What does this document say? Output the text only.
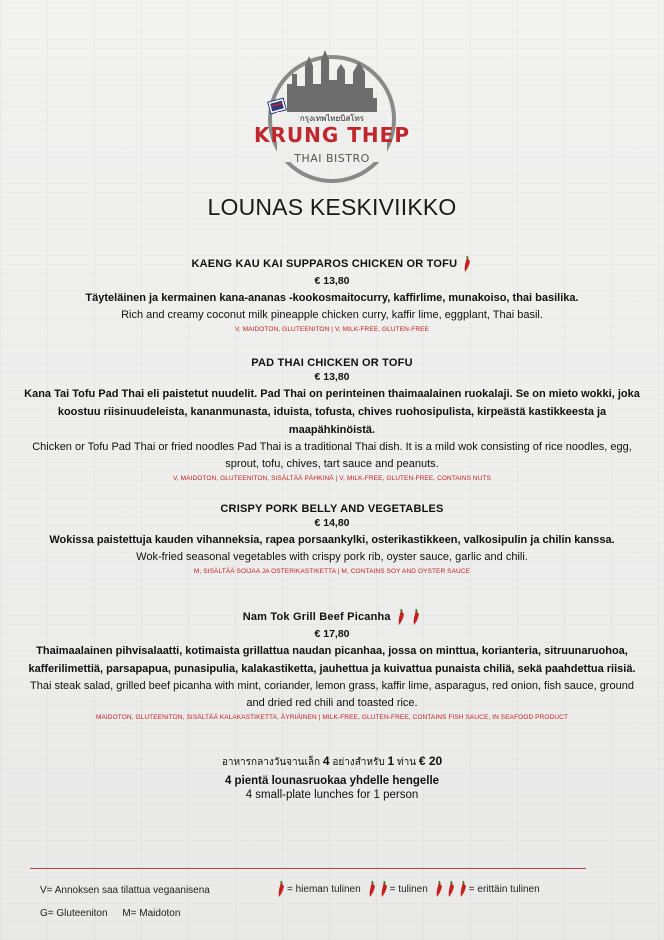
กรุงเทพไทยบิสโทร
KRUNG THEP
THAI BISTRO
LOUNAS KESKIVIIKKO
KAENG KAU KAI SUPPAROS CHICKEN OR TOFU
€ 13,80
Täyteläinen ja kermainen kana-ananas -kookosmaitocurry, kaffirlime, munakoiso, thai basilika.
Rich and creamy coconut milk pineapple chicken curry, kaffir lime, eggplant, Thai basil.
V, MAIDOTON, GLUTEENITON | V, MILK-FREE, GLUTEN-FREE
PAD THAI CHICKEN OR TOFU
€ 13,80
Kana Tai Tofu Pad Thai eli paistetut nuudelit. Pad Thai on perinteinen thaimaalainen ruokalaji. Se on mieto wokki, joka koostuu riisinuudeleista, kananmunasta, iduista, tofusta, chives ruohosipulista, kirpeästä kastikkeesta ja maapähkinöistä.
Chicken or Tofu Pad Thai or fried noodles Pad Thai is a traditional Thai dish. It is a mild wok consisting of rice noodles, egg, sprout, tofu, chives, tart sauce and peanuts.
V, MAIDOTON, GLUTEENITON, SISÄLTÄÄ PÄHKINÄ | V, MILK-FREE, GLUTEN-FREE, CONTAINS NUTS
CRISPY PORK BELLY AND VEGETABLES
€ 14,80
Wokissa paistettuja kauden vihanneksia, rapea porsaankylki, osterikastikkeen, valkosipulin ja chilin kanssa.
Wok-fried seasonal vegetables with crispy pork rib, oyster sauce, garlic and chili.
M, SISÄLTÄÄ SOIJAA JA OSTERIKASTIKETTA | M, CONTAINS SOY AND OYSTER SAUCE
Nam Tok Grill Beef Picanha
€ 17,80
Thaimaalainen pihvisalaatti, kotimaista grillattua naudan picanhaa, jossa on minttua, korianteria, sitruunaruohoa, kafferilimettiä, parsapapua, punasipulia, kalakastiketta, jauhettua ja kuivattua punaista chiliä, sekä paahdettua riisiä.
Thai steak salad, grilled beef picanha with mint, coriander, lemon grass, kaffir lime, asparagus, red onion, fish sauce, ground and dried red chili and toasted rice.
MAIDOTON, GLUTEENITON, SISÄLTÄÄ KALAKASTIKETTA, ÄYRIÄINEN | MILK-FREE, GLUTEN-FREE, CONTAINS FISH SAUCE, IN SEAFOOD PRODUCT
อาหารกลางวันจานเล็ก 4 อย่างสำหรับ 1 ท่าน € 20
4 pientä lounasruokaa yhdelle hengelle
4 small-plate lunches for 1 person
V= Annoksen saa tilattua vegaanisena
G= Gluteeniton M= Maidoton
= hieman tulinen	= tulinen	= erittäin tulinen
